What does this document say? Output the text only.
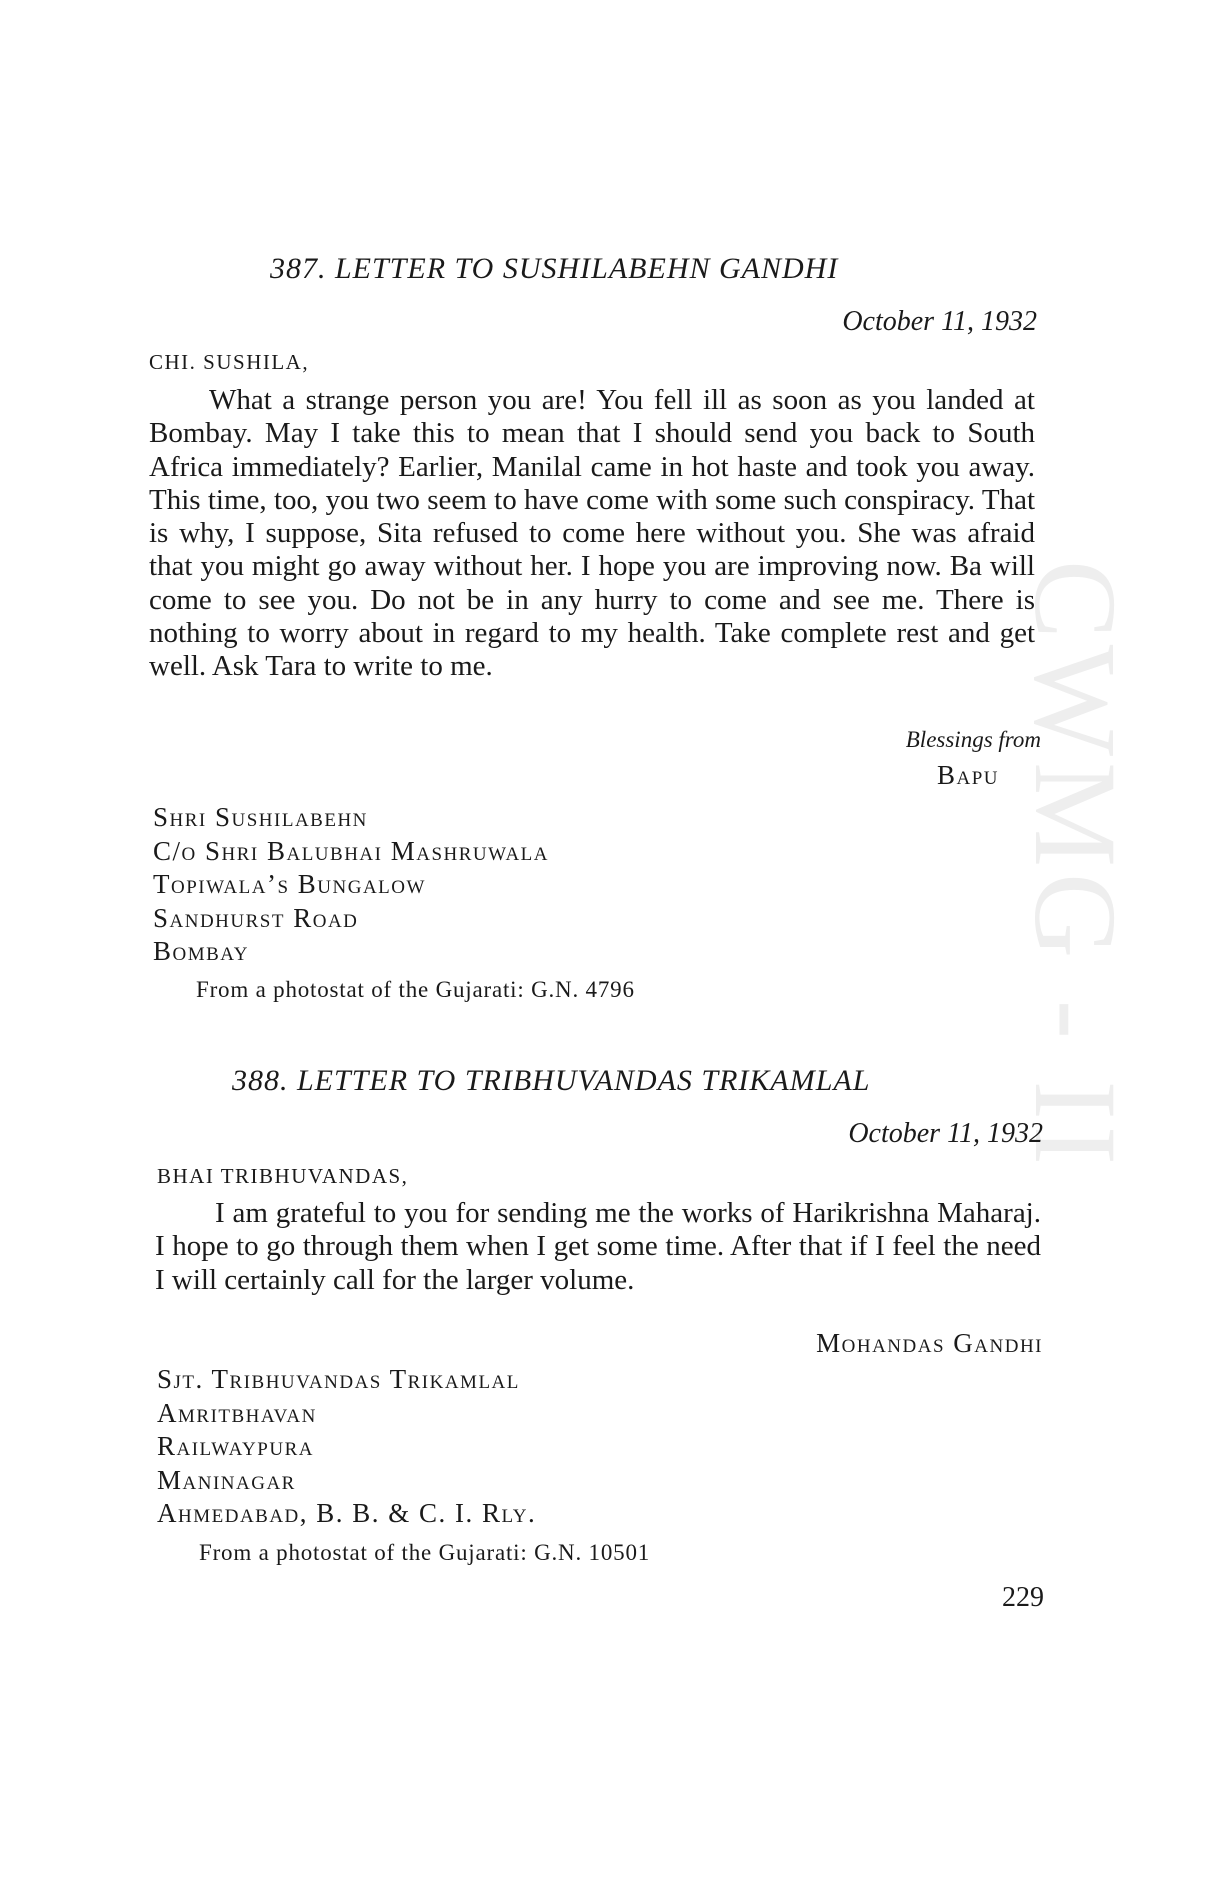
CWMG - II
387. LETTER TO SUSHILABEHN GANDHI
October 11, 1932
CHI. SUSHILA,
What a strange person you are! You fell ill as soon as you landed at Bombay. May I take this to mean that I should send you back to South Africa immediately? Earlier, Manilal came in hot haste and took you away. This time, too, you two seem to have come with some such conspiracy. That is why, I suppose, Sita refused to come here without you. She was afraid that you might go away without her. I hope you are improving now. Ba will come to see you. Do not be in any hurry to come and see me. There is nothing to worry about in regard to my health. Take complete rest and get well. Ask Tara to write to me.
Blessings from
Bapu
Shri Sushilabehn
C/o Shri Balubhai Mashruwala
Topiwala’s Bungalow
Sandhurst Road
Bombay
From a photostat of the Gujarati: G.N. 4796
388. LETTER TO TRIBHUVANDAS TRIKAMLAL
October 11, 1932
BHAI TRIBHUVANDAS,
I am grateful to you for sending me the works of Harikrishna Maharaj. I hope to go through them when I get some time. After that if I feel the need I will certainly call for the larger volume.
Mohandas Gandhi
Sjt. Tribhuvandas Trikamlal
Amritbhavan
Railwaypura
Maninagar
Ahmedabad, B. B. & C. I. Rly.
From a photostat of the Gujarati: G.N. 10501
229
